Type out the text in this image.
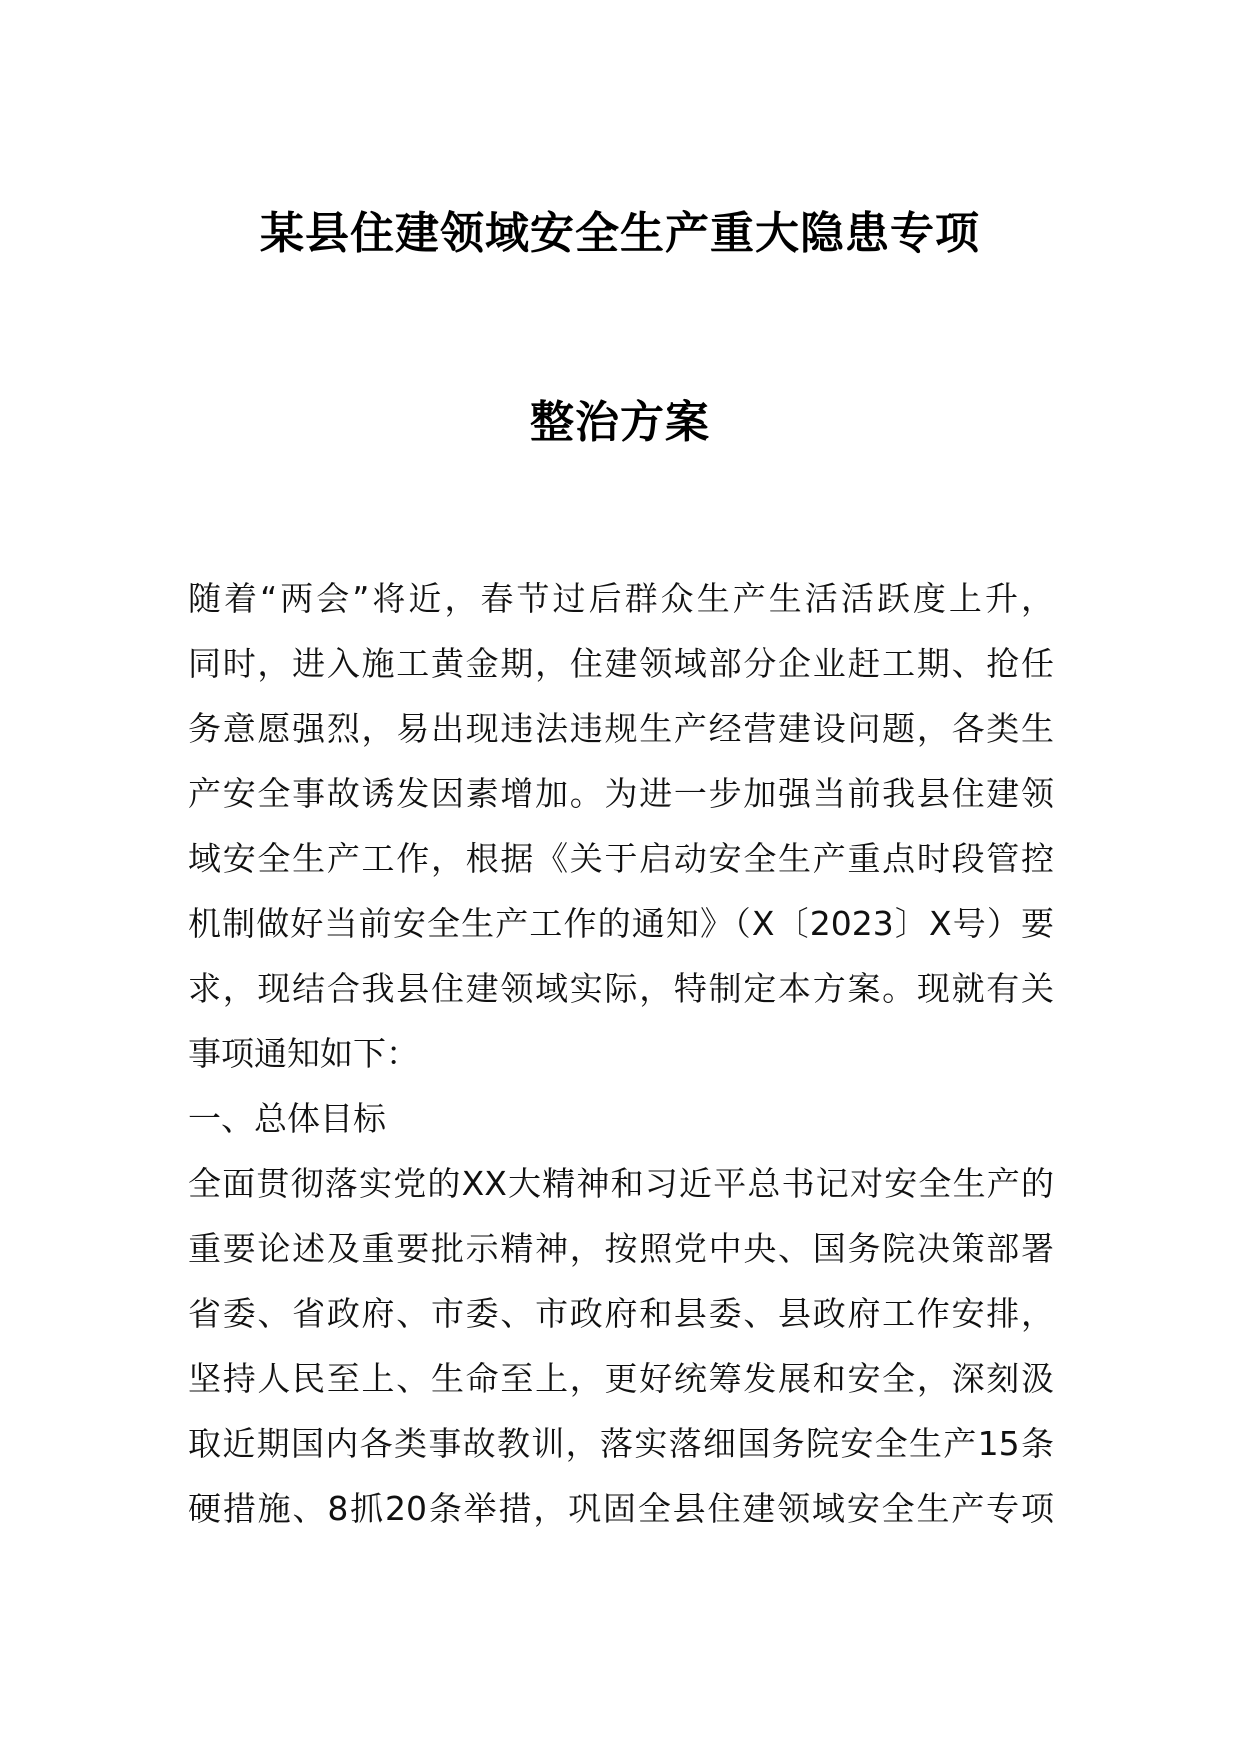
某县住建领域安全生产重大隐患专项
整治方案
随着“两会”将近，春节过后群众生产生活活跃度上升，
同时，进入施工黄金期，住建领域部分企业赶工期、抢任
务意愿强烈，易出现违法违规生产经营建设问题，各类生
产安全事故诱发因素增加。为进一步加强当前我县住建领
域安全生产工作，根据《关于启动安全生产重点时段管控
机制做好当前安全生产工作的通知》（X〔2023〕X号）要
求，现结合我县住建领域实际，特制定本方案。现就有关
事项通知如下：
一、总体目标
全面贯彻落实党的XX大精神和习近平总书记对安全生产的
重要论述及重要批示精神，按照党中央、国务院决策部署
省委、省政府、市委、市政府和县委、县政府工作安排，
坚持人民至上、生命至上，更好统筹发展和安全，深刻汲
取近期国内各类事故教训，落实落细国务院安全生产15条
硬措施、8抓20条举措，巩固全县住建领域安全生产专项
